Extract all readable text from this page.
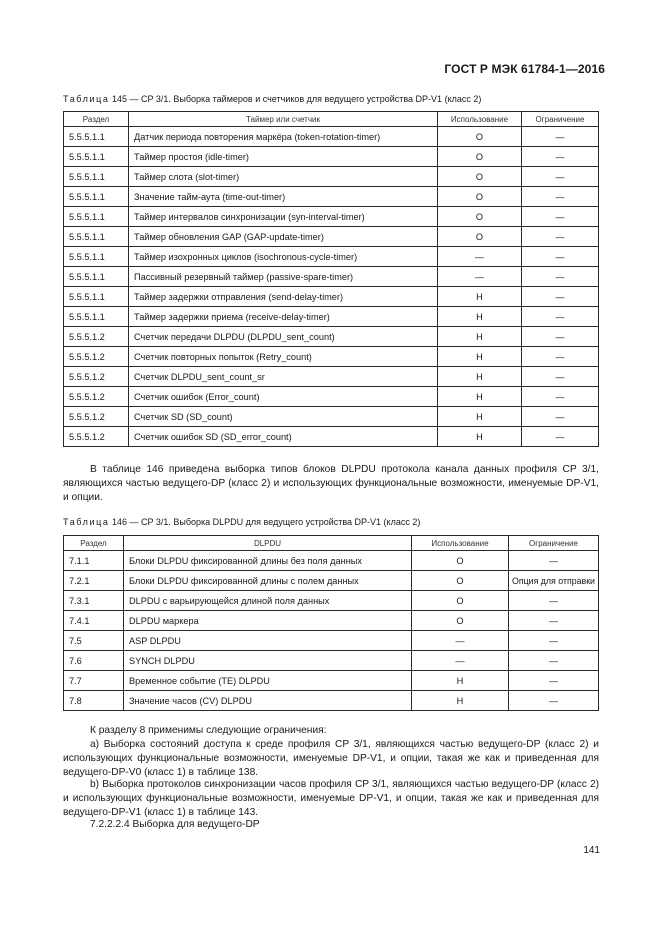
ГОСТ Р МЭК 61784-1—2016
Таблица 145 — CP 3/1. Выборка таймеров и счетчиков для ведущего устройства DP-V1 (класс 2)
Раздел	Таймер или счетчик	Использование	Ограничение
5.5.5.1.1	Датчик периода повторения маркёра (token-rotation-timer)	О	—
5.5.5.1.1	Таймер простоя (idle-timer)	О	—
5.5.5.1.1	Таймер слота (slot-timer)	О	—
5.5.5.1.1	Значение тайм-аута (time-out-timer)	О	—
5.5.5.1.1	Таймер интервалов синхронизации (syn-interval-timer)	О	—
5.5.5.1.1	Таймер обновления GAP (GAP-update-timer)	О	—
5.5.5.1.1	Таймер изохронных циклов (isochronous-cycle-timer)	—	—
5.5.5.1.1	Пассивный резервный таймер (passive-spare-timer)	—	—
5.5.5.1.1	Таймер задержки отправления (send-delay-timer)	Н	—
5.5.5.1.1	Таймер задержки приема (receive-delay-timer)	Н	—
5.5.5.1.2	Счетчик передачи DLPDU (DLPDU_sent_count)	Н	—
5.5.5.1.2	Счетчик повторных попыток (Retry_count)	Н	—
5.5.5.1.2	Счетчик DLPDU_sent_count_sr	Н	—
5.5.5.1.2	Счетчик ошибок (Error_count)	Н	—
5.5.5.1.2	Счетчик SD (SD_count)	Н	—
5.5.5.1.2	Счетчик ошибок SD (SD_error_count)	Н	—
В таблице 146 приведена выборка типов блоков DLPDU протокола канала данных профиля CP 3/1, являющихся частью ведущего-DP (класс 2) и использующих функциональные возможности, именуемые DP-V1, и опции.
Таблица 146 — CP 3/1. Выборка DLPDU для ведущего устройства DP-V1 (класс 2)
Раздел	DLPDU	Использование	Ограничение
7.1.1	Блоки DLPDU фиксированной длины без поля данных	О	—
7.2.1	Блоки DLPDU фиксированной длины с полем данных	О	Опция для отправки
7.3.1	DLPDU с варьирующейся длиной поля данных	О	—
7.4.1	DLPDU маркера	О	—
7.5	ASP DLPDU	—	—
7.6	SYNCH DLPDU	—	—
7.7	Временное событие (TE) DLPDU	Н	—
7.8	Значение часов (CV) DLPDU	Н	—
К разделу 8 применимы следующие ограничения:
а) Выборка состояний доступа к среде профиля CP 3/1, являющихся частью ведущего-DP (класс 2) и использующих функциональные возможности, именуемые DP-V1, и опции, такая же как и приведенная для ведущего-DP-V0 (класс 1) в таблице 138.
b) Выборка протоколов синхронизации часов профиля CP 3/1, являющихся частью ведущего-DP (класс 2) и использующих функциональные возможности, именуемые DP-V1, и опции, такая же как и приведенная для ведущего-DP-V1 (класс 1) в таблице 143.
7.2.2.2.4 Выборка для ведущего-DP
141
